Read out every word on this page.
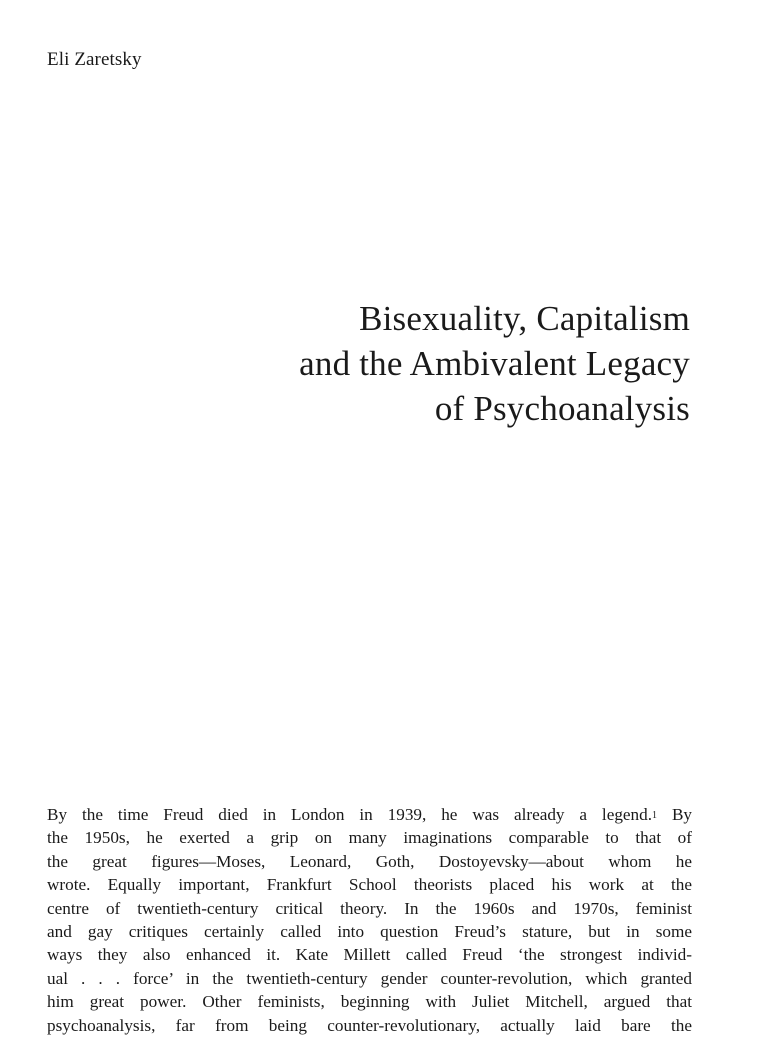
Eli Zaretsky
Bisexuality, Capitalism
and the Ambivalent Legacy
of Psychoanalysis
By the time Freud died in London in 1939, he was already a legend.$^1$ By
the 1950s, he exerted a grip on many imaginations comparable to that of
the great figures—Moses, Leonard, Goth, Dostoyevsky—about whom he
wrote. Equally important, Frankfurt School theorists placed his work at the
centre of twentieth-century critical theory. In the 1960s and 1970s, feminist
and gay critiques certainly called into question Freud’s stature, but in some
ways they also enhanced it. Kate Millett called Freud ‘the strongest individ-
ual . . . force’ in the twentieth-century gender counter-revolution, which granted
him great power. Other feminists, beginning with Juliet Mitchell, argued that
psychoanalysis, far from being counter-revolutionary, actually laid bare the
